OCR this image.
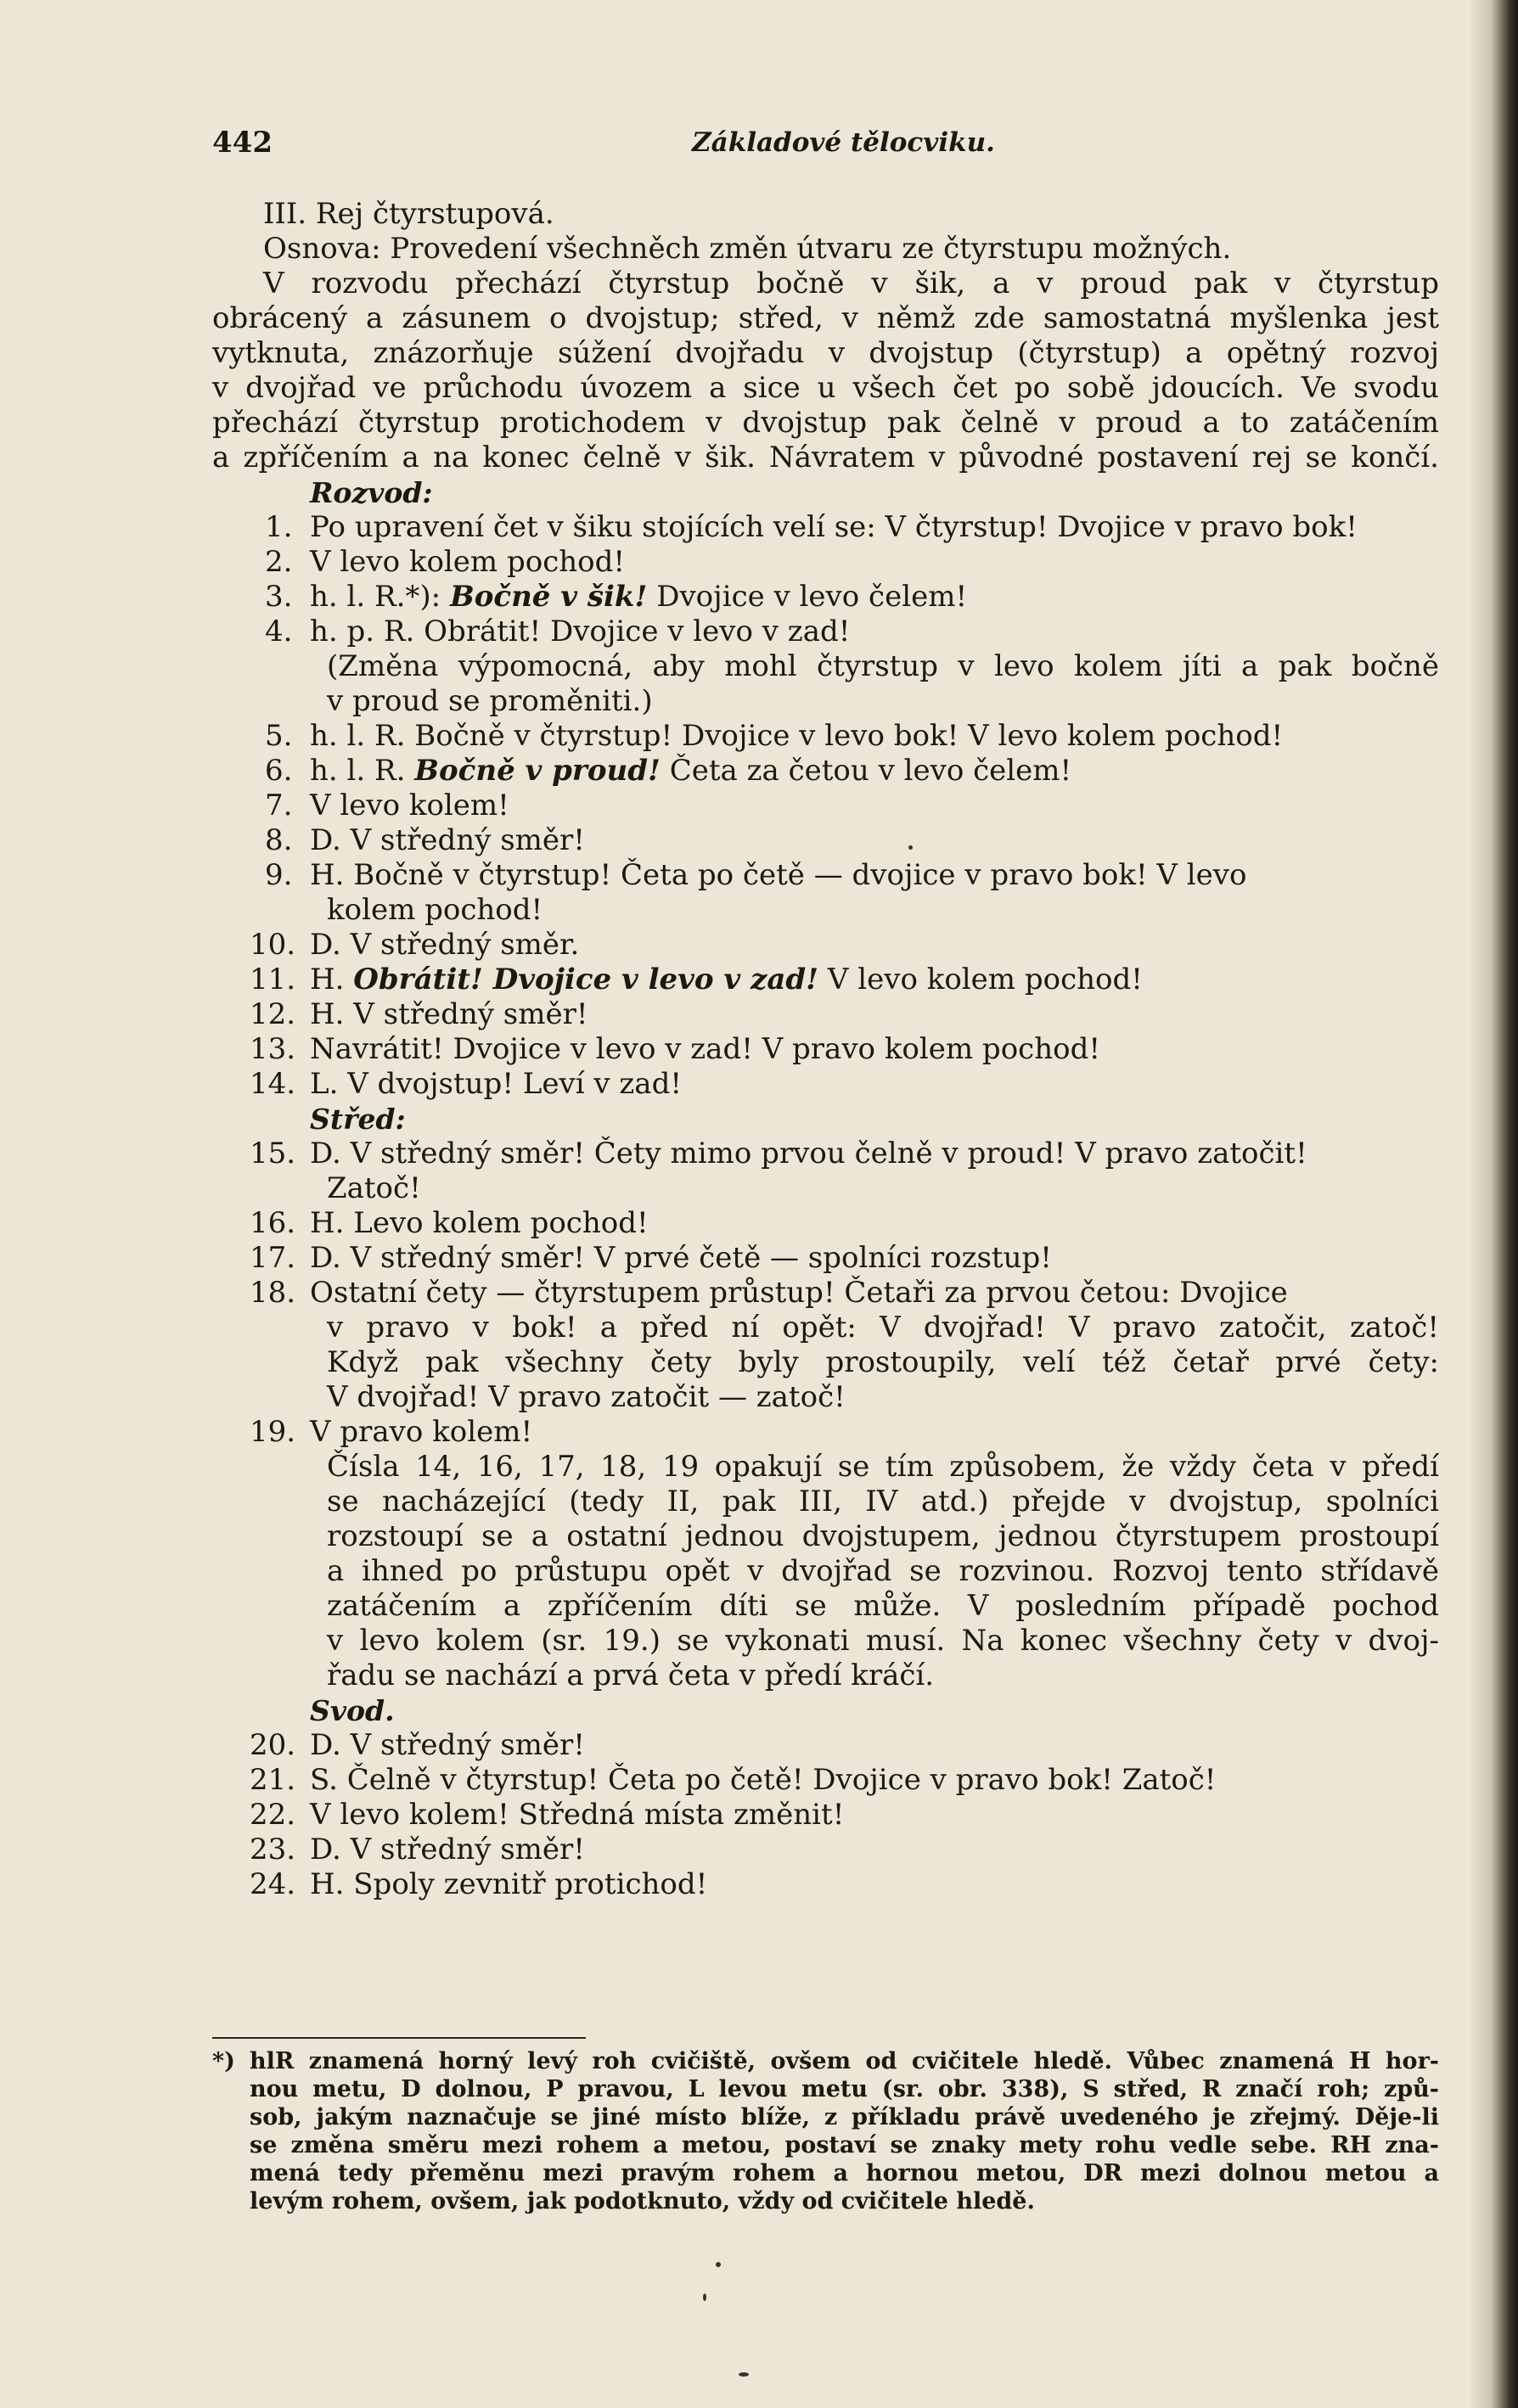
442	Základové tělocviku.
III. Rej čtyrstupová.
Osnova: Provedení všechněch změn útvaru ze čtyrstupu možných.
V rozvodu přechází čtyrstup bočně v šik, a v proud pak v čtyrstup
obrácený a zásunem o dvojstup; střed, v němž zde samostatná myšlenka jest
vytknuta, znázorňuje súžení dvojřadu v dvojstup (čtyrstup) a opětný rozvoj
v dvojřad ve průchodu úvozem a sice u všech čet po sobě jdoucích. Ve svodu
přechází čtyrstup protichodem v dvojstup pak čelně v proud a to zatáčením
a zpříčením a na konec čelně v šik. Návratem v původné postavení rej se končí.
Rozvod:
1. Po upravení čet v šiku stojících velí se: V čtyrstup! Dvojice v pravo bok!
2. V levo kolem pochod!
3. h. l. R.*): Bočně v šik! Dvojice v levo čelem!
4. h. p. R. Obrátit! Dvojice v levo v zad!
(Změna výpomocná, aby mohl čtyrstup v levo kolem jíti a pak bočně
v proud se proměniti.)
5. h. l. R. Bočně v čtyrstup! Dvojice v levo bok! V levo kolem pochod!
6. h. l. R. Bočně v proud! Četa za četou v levo čelem!
7. V levo kolem!
8. D. V středný směr!
9. H. Bočně v čtyrstup! Četa po četě — dvojice v pravo bok! V levo
kolem pochod!
10. D. V středný směr.
11. H. Obrátit! Dvojice v levo v zad! V levo kolem pochod!
12. H. V středný směr!
13. Navrátit! Dvojice v levo v zad! V pravo kolem pochod!
14. L. V dvojstup! Leví v zad!
Střed:
15. D. V středný směr! Čety mimo prvou čelně v proud! V pravo zatočit!
Zatoč!
16. H. Levo kolem pochod!
17. D. V středný směr! V prvé četě — spolníci rozstup!
18. Ostatní čety — čtyrstupem průstup! Četaři za prvou četou: Dvojice
v pravo v bok! a před ní opět: V dvojřad! V pravo zatočit, zatoč!
Když pak všechny čety byly prostoupily, velí též četař prvé čety:
V dvojřad! V pravo zatočit — zatoč!
19. V pravo kolem!
Čísla 14, 16, 17, 18, 19 opakují se tím způsobem, že vždy četa v předí
se nacházející (tedy II, pak III, IV atd.) přejde v dvojstup, spolníci
rozstoupí se a ostatní jednou dvojstupem, jednou čtyrstupem prostoupí
a ihned po průstupu opět v dvojřad se rozvinou. Rozvoj tento střídavě
zatáčením a zpříčením díti se může. V posledním případě pochod
v levo kolem (sr. 19.) se vykonati musí. Na konec všechny čety v dvoj-
řadu se nachází a prvá četa v předí kráčí.
Svod.
20. D. V středný směr!
21. S. Čelně v čtyrstup! Četa po četě! Dvojice v pravo bok! Zatoč!
22. V levo kolem! Středná místa změnit!
23. D. V středný směr!
24. H. Spoly zevnitř protichod!
*) hlR znamená horný levý roh cvičiště, ovšem od cvičitele hledě. Vůbec znamená H hor-
nou metu, D dolnou, P pravou, L levou metu (sr. obr. 338), S střed, R značí roh; způ-
sob, jakým naznačuje se jiné místo blíže, z příkladu právě uvedeného je zřejmý. Děje-li
se změna směru mezi rohem a metou, postaví se znaky mety rohu vedle sebe. RH zna-
mená tedy přeměnu mezi pravým rohem a hornou metou, DR mezi dolnou metou a
levým rohem, ovšem, jak podotknuto, vždy od cvičitele hledě.
